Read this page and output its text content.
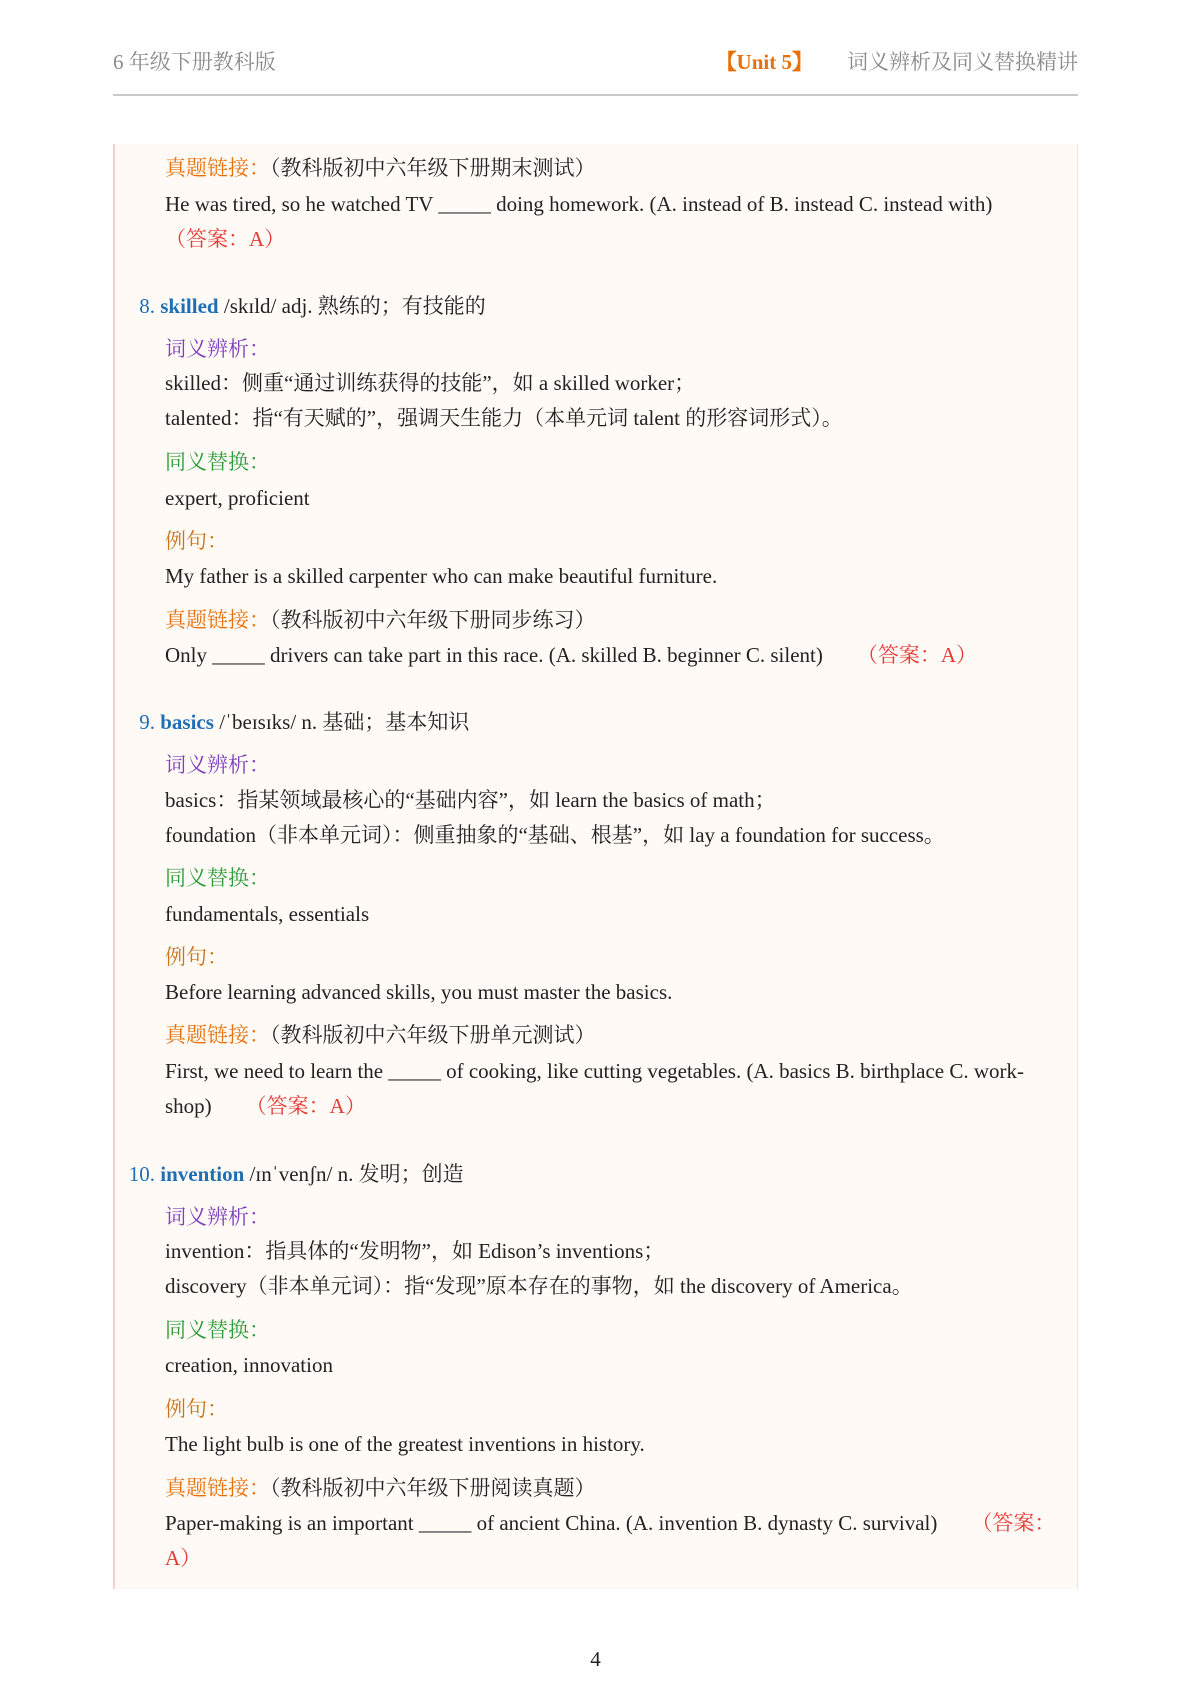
6 年级下册教科版	【Unit 5】 词义辨析及同义替换精讲
真题链接：（教科版初中六年级下册期末测试）
He was tired, so he watched TV _____ doing homework. (A. instead of B. instead C. instead with)
（答案：A）
8. skilled /skɪld/ adj. 熟练的；有技能的
词义辨析：
skilled：侧重“通过训练获得的技能”，如 a skilled worker；
talented：指“有天赋的”，强调天生能力（本单元词 talent 的形容词形式）。
同义替换：
expert, proficient
例句：
My father is a skilled carpenter who can make beautiful furniture.
真题链接：（教科版初中六年级下册同步练习）
Only _____ drivers can take part in this race. (A. skilled B. beginner C. silent) （答案：A）
9. basics /ˈbeɪsɪks/ n. 基础；基本知识
词义辨析：
basics：指某领域最核心的“基础内容”，如 learn the basics of math；
foundation（非本单元词）：侧重抽象的“基础、根基”，如 lay a foundation for success。
同义替换：
fundamentals, essentials
例句：
Before learning advanced skills, you must master the basics.
真题链接：（教科版初中六年级下册单元测试）
First, we need to learn the _____ of cooking, like cutting vegetables. (A. basics B. birthplace C. work-
shop) （答案：A）
10. invention /ɪnˈvenʃn/ n. 发明；创造
词义辨析：
invention：指具体的“发明物”，如 Edison’s inventions；
discovery（非本单元词）：指“发现”原本存在的事物，如 the discovery of America。
同义替换：
creation, innovation
例句：
The light bulb is one of the greatest inventions in history.
真题链接：（教科版初中六年级下册阅读真题）
Paper-making is an important _____ of ancient China. (A. invention B. dynasty C. survival) （答案：
A）
4
